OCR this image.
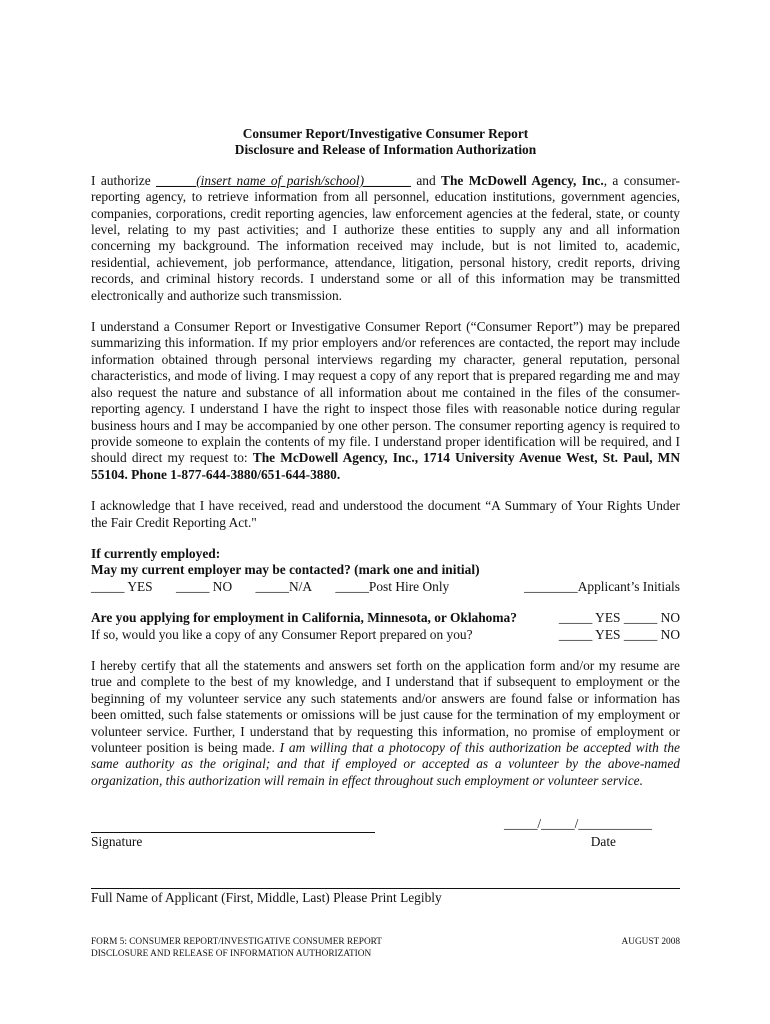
Consumer Report/Investigative Consumer Report
Disclosure and Release of Information Authorization

I authorize ______(insert name of parish/school)_______ and The McDowell Agency, Inc., a consumer-reporting agency, to retrieve information from all personnel, education institutions, government agencies, companies, corporations, credit reporting agencies, law enforcement agencies at the federal, state, or county level, relating to my past activities; and I authorize these entities to supply any and all information concerning my background. The information received may include, but is not limited to, academic, residential, achievement, job performance, attendance, litigation, personal history, credit reports, driving records, and criminal history records. I understand some or all of this information may be transmitted electronically and authorize such transmission.

I understand a Consumer Report or Investigative Consumer Report (“Consumer Report”) may be prepared summarizing this information. If my prior employers and/or references are contacted, the report may include information obtained through personal interviews regarding my character, general reputation, personal characteristics, and mode of living. I may request a copy of any report that is prepared regarding me and may also request the nature and substance of all information about me contained in the files of the consumer-reporting agency. I understand I have the right to inspect those files with reasonable notice during regular business hours and I may be accompanied by one other person. The consumer reporting agency is required to provide someone to explain the contents of my file. I understand proper identification will be required, and I should direct my request to: The McDowell Agency, Inc., 1714 University Avenue West, St. Paul, MN 55104. Phone 1-877-644-3880/651-644-3880.

I acknowledge that I have received, read and understood the document “A Summary of Your Rights Under the Fair Credit Reporting Act."

If currently employed:
May my current employer may be contacted? (mark one and initial)
_____ YES _____ NO _____N/A _____Post Hire Only	________Applicant’s Initials
Are you applying for employment in California, Minnesota, or Oklahoma?	_____ YES _____ NO
If so, would you like a copy of any Consumer Report prepared on you?	_____ YES _____ NO

I hereby certify that all the statements and answers set forth on the application form and/or my resume are true and complete to the best of my knowledge, and I understand that if subsequent to employment or the beginning of my volunteer service any such statements and/or answers are found false or information has been omitted, such false statements or omissions will be just cause for the termination of my employment or volunteer service. Further, I understand that by requesting this information, no promise of employment or volunteer position is being made. I am willing that a photocopy of this authorization be accepted with the same authority as the original; and that if employed or accepted as a volunteer by the above-named organization, this authorization will remain in effect throughout such employment or volunteer service.

_____/_____/___________
Signature	Date

Full Name of Applicant (First, Middle, Last) Please Print Legibly
FORM 5: CONSUMER REPORT/INVESTIGATIVE CONSUMER REPORT
DISCLOSURE AND RELEASE OF INFORMATION AUTHORIZATION
AUGUST 2008
